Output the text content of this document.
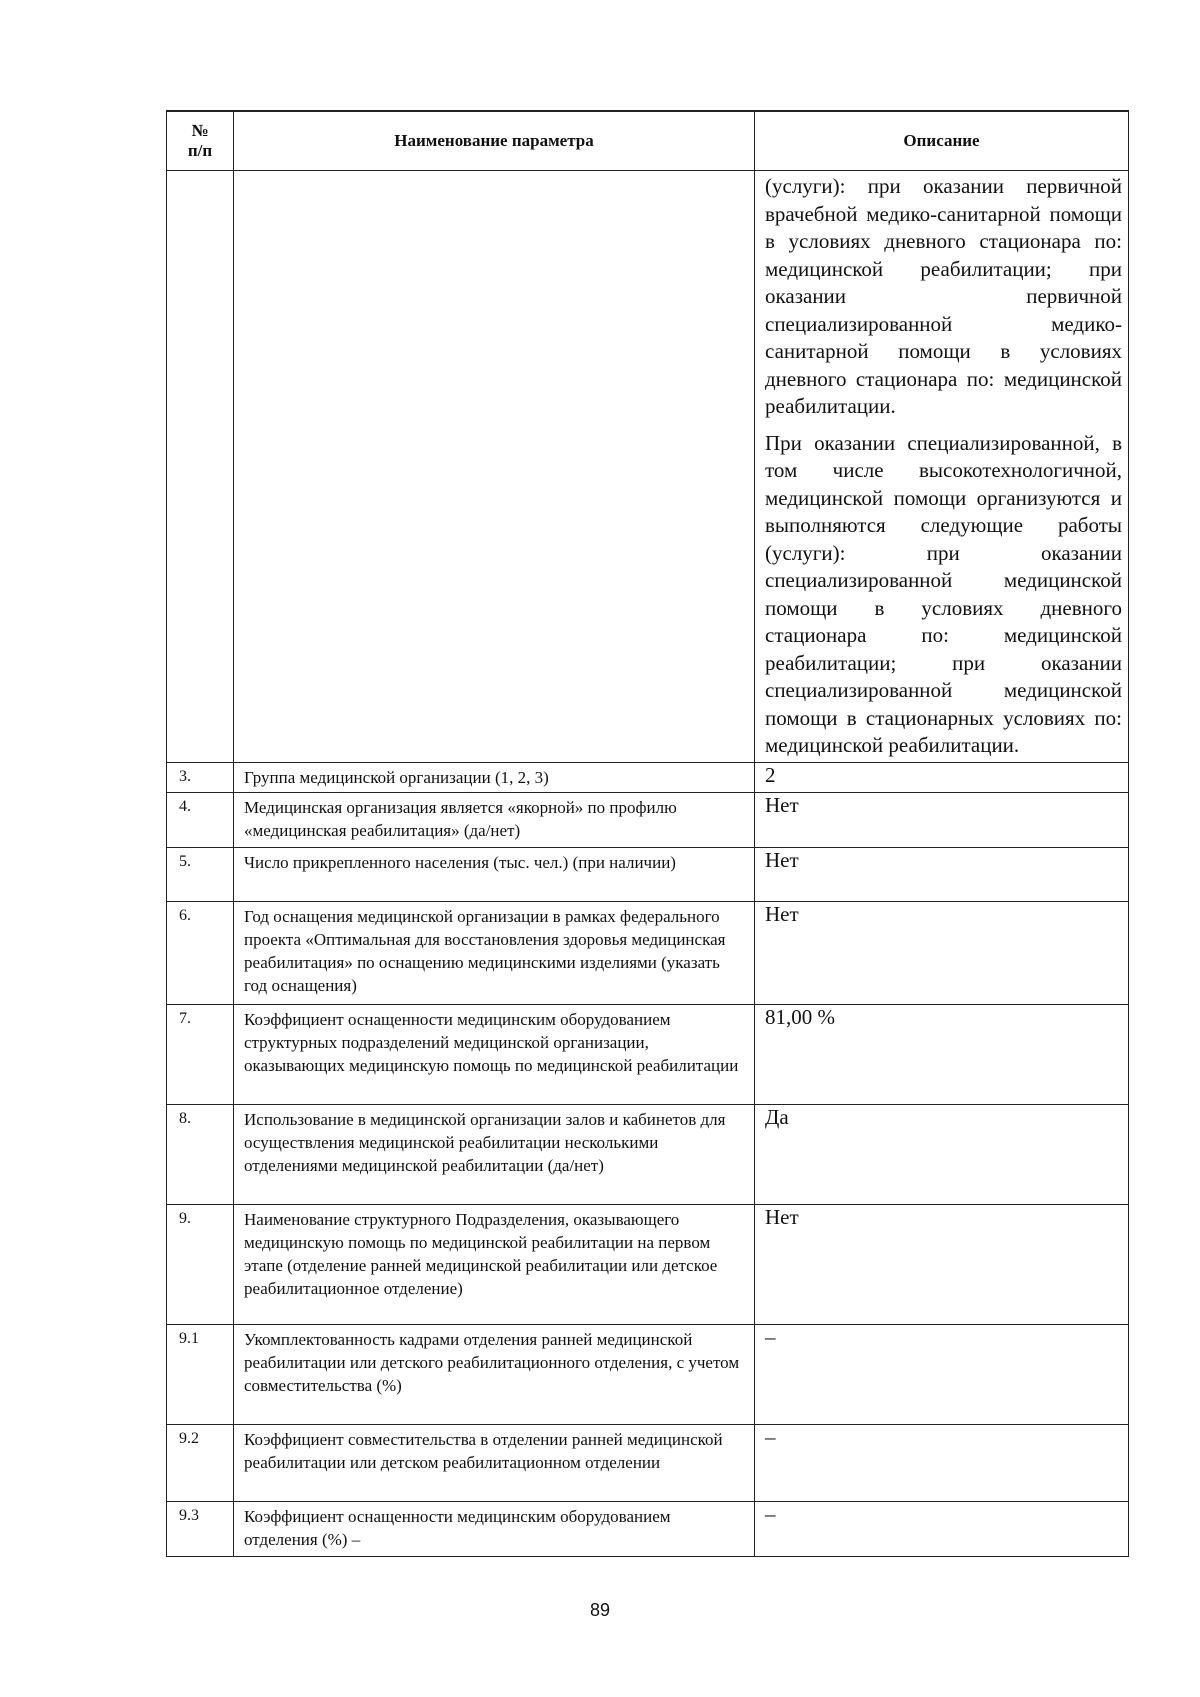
№
п/п	Наименование параметра	Описание

		(услуги): при оказании первичной врачебной медико-санитарной помощи в условиях дневного стационара по: медицинской реабилитации; при оказании первичной специализированной медико-санитарной помощи в условиях дневного стационара по: медицинской реабилитации.

При оказании специализированной, в том числе высокотехнологичной, медицинской помощи организуются и выполняются следующие работы (услуги): при оказании специализированной медицинской помощи в условиях дневного стационара по: медицинской реабилитации; при оказании специализированной медицинской помощи в стационарных условиях по: медицинской реабилитации.

3.	Группа медицинской организации (1, 2, 3)	2
4.	Медицинская организация является «якорной» по профилю «медицинская реабилитация» (да/нет)	Нет
5.	Число прикрепленного населения (тыс. чел.) (при наличии)	Нет
6.	Год оснащения медицинской организации в рамках федерального проекта «Оптимальная для восстановления здоровья медицинская реабилитация» по оснащению медицинскими изделиями (указать год оснащения)	Нет
7.	Коэффициент оснащенности медицинским оборудованием структурных подразделений медицинской организации, оказывающих медицинскую помощь по медицинской реабилитации	81,00 %
8.	Использование в медицинской организации залов и кабинетов для осуществления медицинской реабилитации несколькими отделениями медицинской реабилитации (да/нет)	Да
9.	Наименование структурного Подразделения, оказывающего медицинскую помощь по медицинской реабилитации на первом этапе (отделение ранней медицинской реабилитации или детское реабилитационное отделение)	Нет
9.1	Укомплектованность кадрами отделения ранней медицинской реабилитации или детского реабилитационного отделения, с учетом совместительства (%)	–
9.2	Коэффициент совместительства в отделении ранней медицинской реабилитации или детском реабилитационном отделении	–
9.3	Коэффициент оснащенности медицинским оборудованием отделения (%) –	–
89
